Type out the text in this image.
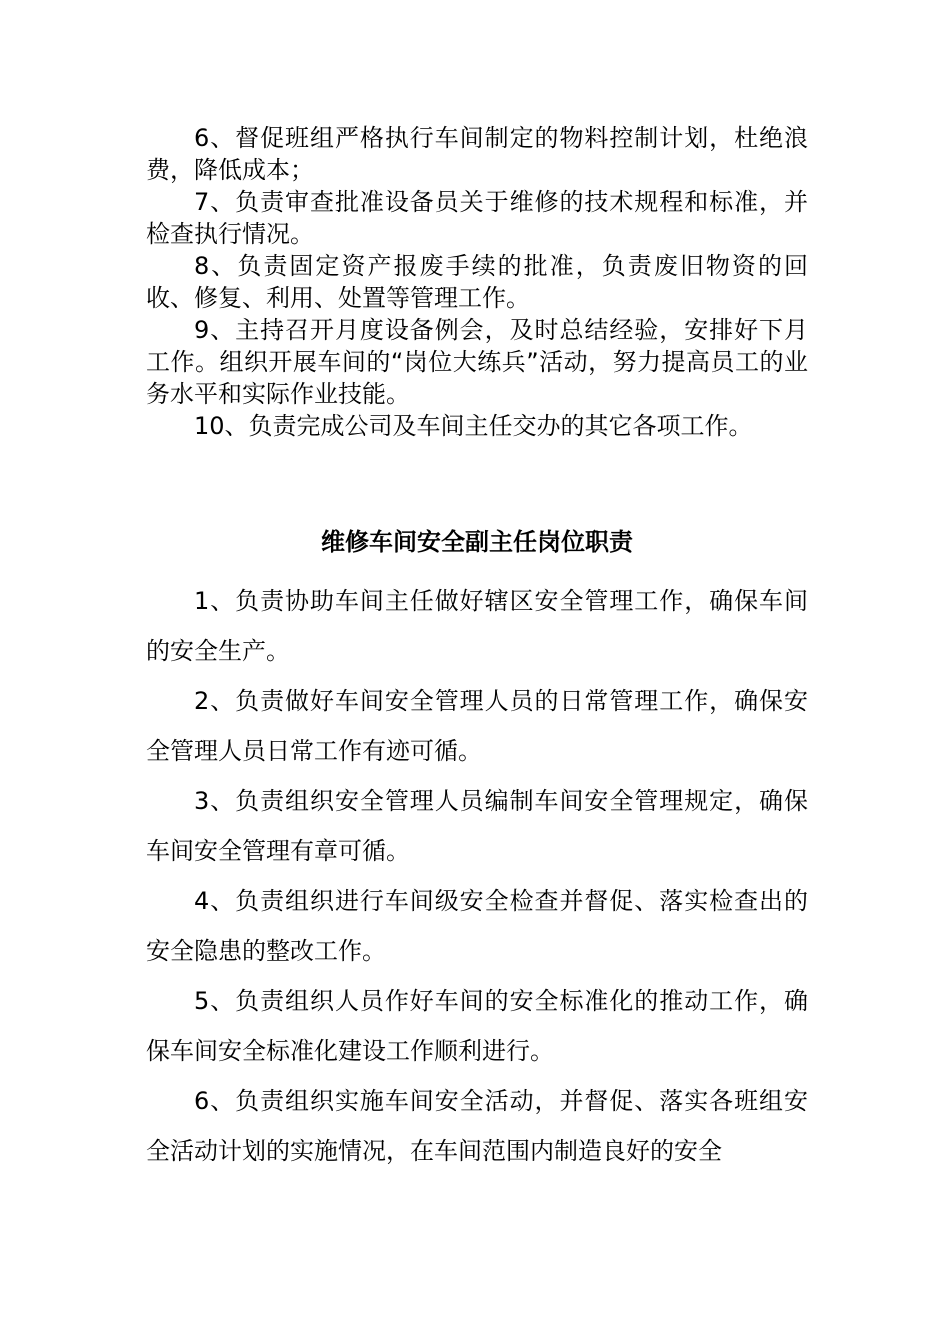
6、督促班组严格执行车间制定的物料控制计划，杜绝浪费，降低成本；

7、负责审查批准设备员关于维修的技术规程和标准，并检查执行情况。

8、负责固定资产报废手续的批准，负责废旧物资的回收、修复、利用、处置等管理工作。

9、主持召开月度设备例会，及时总结经验，安排好下月工作。组织开展车间的“岗位大练兵”活动，努力提高员工的业务水平和实际作业技能。

10、负责完成公司及车间主任交办的其它各项工作。

维修车间安全副主任岗位职责

1、负责协助车间主任做好辖区安全管理工作，确保车间的安全生产。

2、负责做好车间安全管理人员的日常管理工作，确保安全管理人员日常工作有迹可循。

3、负责组织安全管理人员编制车间安全管理规定，确保车间安全管理有章可循。

4、负责组织进行车间级安全检查并督促、落实检查出的安全隐患的整改工作。

5、负责组织人员作好车间的安全标准化的推动工作，确保车间安全标准化建设工作顺利进行。

6、负责组织实施车间安全活动，并督促、落实各班组安全活动计划的实施情况，在车间范围内制造良好的安全
